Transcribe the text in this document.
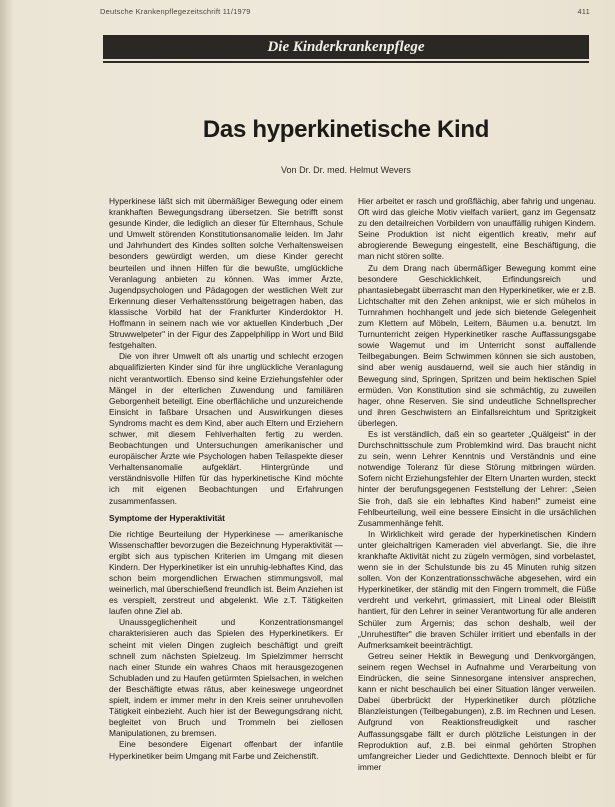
Deutsche Krankenpflegezeitschrift 11/1979	411
Die Kinderkrankenpflege
Das hyperkinetische Kind

Von Dr. Dr. med. Helmut Wevers

Hyperkinese läßt sich mit übermäßiger Bewegung oder einem krankhaften Bewegungsdrang übersetzen. Sie betrifft sonst gesunde Kinder, die lediglich an dieser für Elternhaus, Schule und Umwelt störenden Konstitutionsanomalie leiden. Im Jahr und Jahrhundert des Kindes sollten solche Verhaltensweisen besonders gewürdigt werden, um diese Kinder gerecht beurteilen und ihnen Hilfen für die bewußte, umglückliche Veranlagung anbieten zu können. Was immer Ärzte, Jugendpsychologen und Pädagogen der westlichen Welt zur Erkennung dieser Verhaltensstörung beigetragen haben, das klassische Vorbild hat der Frankfurter Kinderdoktor H. Hoffmann in seinem nach wie vor aktuellen Kinderbuch „Der Struwwelpeter" in der Figur des Zappelphilipp in Wort und Bild festgehalten.

Die von ihrer Umwelt oft als unartig und schlecht erzogen abqualifizierten Kinder sind für ihre unglückliche Veranlagung nicht verantwortlich. Ebenso sind keine Erziehungsfehler oder Mängel in der elterlichen Zuwendung und familiären Geborgenheit beteiligt. Eine oberflächliche und unzureichende Einsicht in faßbare Ursachen und Auswirkungen dieses Syndroms macht es dem Kind, aber auch Eltern und Erziehern schwer, mit diesem Fehlverhalten fertig zu werden. Beobachtungen und Untersuchungen amerikanischer und europäischer Ärzte wie Psychologen haben Teilaspekte dieser Verhaltensanomalie aufgeklärt. Hintergründe und verständnisvolle Hilfen für das hyperkinetische Kind möchte ich mit eigenen Beobachtungen und Erfahrungen zusammenfassen.

Symptome der Hyperaktivität

Die richtige Beurteilung der Hyperkinese — amerikanische Wissenschaftler bevorzugen die Bezeichnung Hyperaktivität — ergibt sich aus typischen Kriterien im Umgang mit diesen Kindern. Der Hyperkinetiker ist ein unruhig-lebhaftes Kind, das schon beim morgendlichen Erwachen stimmungsvoll, mal weinerlich, mal überschießend freundlich ist. Beim Anziehen ist es verspielt, zerstreut und abgelenkt. Wie z.T. Tätigkeiten laufen ohne Ziel ab.

Unaussgeglichenheit und Konzentrationsmangel charakterisieren auch das Spielen des Hyperkinetikers. Er scheint mit vielen Dingen zugleich beschäftigt und greift schnell zum nächsten Spielzeug. Im Spielzimmer herrscht nach einer Stunde ein wahres Chaos mit herausgezogenen Schubladen und zu Haufen getürmten Spielsachen, in welchen der Beschäftigte etwas rätus, aber keineswege ungeordnet spielt, indem er immer mehr in den Kreis seiner unruhevollen Tätigkeit einbezieht. Auch hier ist der Bewegungsdrang nicht, begleitet von Bruch und Trommeln bei ziellosen Manipulationen, zu bremsen.

Eine besondere Eigenart offenbart der infantile Hyperkinetiker beim Umgang mit Farbe und Zeichenstift.

Hier arbeitet er rasch und großflächig, aber fahrig und ungenau. Oft wird das gleiche Motiv vielfach variiert, ganz im Gegensatz zu den detailreichen Vorbildern von unauffällig ruhigen Kindern. Seine Produktion ist nicht eigentlich kreativ, mehr auf abrogierende Bewegung eingestellt, eine Beschäftigung, die man nicht stören sollte.

Zu dem Drang nach übermäßiger Bewegung kommt eine besondere Geschicklichkeit, Erfindungsreich und phantasiebegabt überrascht man den Hyperkinetiker, wie er z.B. Lichtschalter mit den Zehen anknipst, wie er sich mühelos in Turnrahmen hochhangelt und jede sich bietende Gelegenheit zum Klettern auf Möbeln, Leitern, Bäumen u.a. benutzt. Im Turnunterricht zeigen Hyperkinetiker rasche Auffassungsgabe sowie Wagemut und im Unterricht sonst auffallende Teilbegabungen. Beim Schwimmen können sie sich austoben, sind aber wenig ausdauernd, weil sie auch hier ständig in Bewegung sind, Springen, Spritzen und beim hektischen Spiel ermüden. Von Konstitution sind sie schmächtig, zu zuweilen hager, ohne Reserven. Sie sind undeutliche Schnellsprecher und ihren Geschwistern an Einfallsreichtum und Spritzigkeit überlegen.

Es ist verständlich, daß ein so gearteter „Quälgeist" in der Durchschnittsschule zum Problemkind wird. Das braucht nicht zu sein, wenn Lehrer Kenntnis und Verständnis und eine notwendige Toleranz für diese Störung mitbringen würden. Sofern nicht Erziehungsfehler der Eltern Unarten wurden, steckt hinter der berufungsgegenen Feststellung der Lehrer: „Seien Sie froh, daß sie ein lebhaftes Kind haben!" zumeist eine Fehlbeurteilung, weil eine bessere Einsicht in die ursächlichen Zusammenhänge fehlt.

In Wirklichkeit wird gerade der hyperkinetischen Kindern unter gleichaltrigen Kameraden viel abverlangt. Sie, die ihre krankhafte Aktivität nicht zu zügeln vermögen, sind vorbelastet, wenn sie in der Schulstunde bis zu 45 Minuten ruhig sitzen sollen. Von der Konzentrationsschwäche abgesehen, wird ein Hyperkinetiker, der ständig mit den Fingern trommelt, die Füße verdreht und verkehrt, grimassiert, mit Lineal oder Bleistift hantiert, für den Lehrer in seiner Verantwortung für alle anderen Schüler zum Ärgernis; das schon deshalb, weil der „Unruhestifter" die braven Schüler irritiert und ebenfalls in der Aufmerksamkeit beeinträchtigt.

Getreu seiner Hektik in Bewegung und Denkvorgängen, seinem regen Wechsel in Aufnahme und Verarbeitung von Eindrücken, die seine Sinnesorgane intensiver ansprechen, kann er nicht beschaulich bei einer Situation länger verweilen. Dabei überbrückt der Hyperkinetiker durch plötzliche Blanzleistungen (Teilbegabungen), z.B. im Rechnen und Lesen. Aufgrund von Reaktionsfreudigkeit und rascher Auffassungsgabe fällt er durch plötzliche Leistungen in der Reproduktion auf, z.B. bei einmal gehörten Strophen umfangreicher Lieder und Gedichttexte. Dennoch bleibt er für immer
